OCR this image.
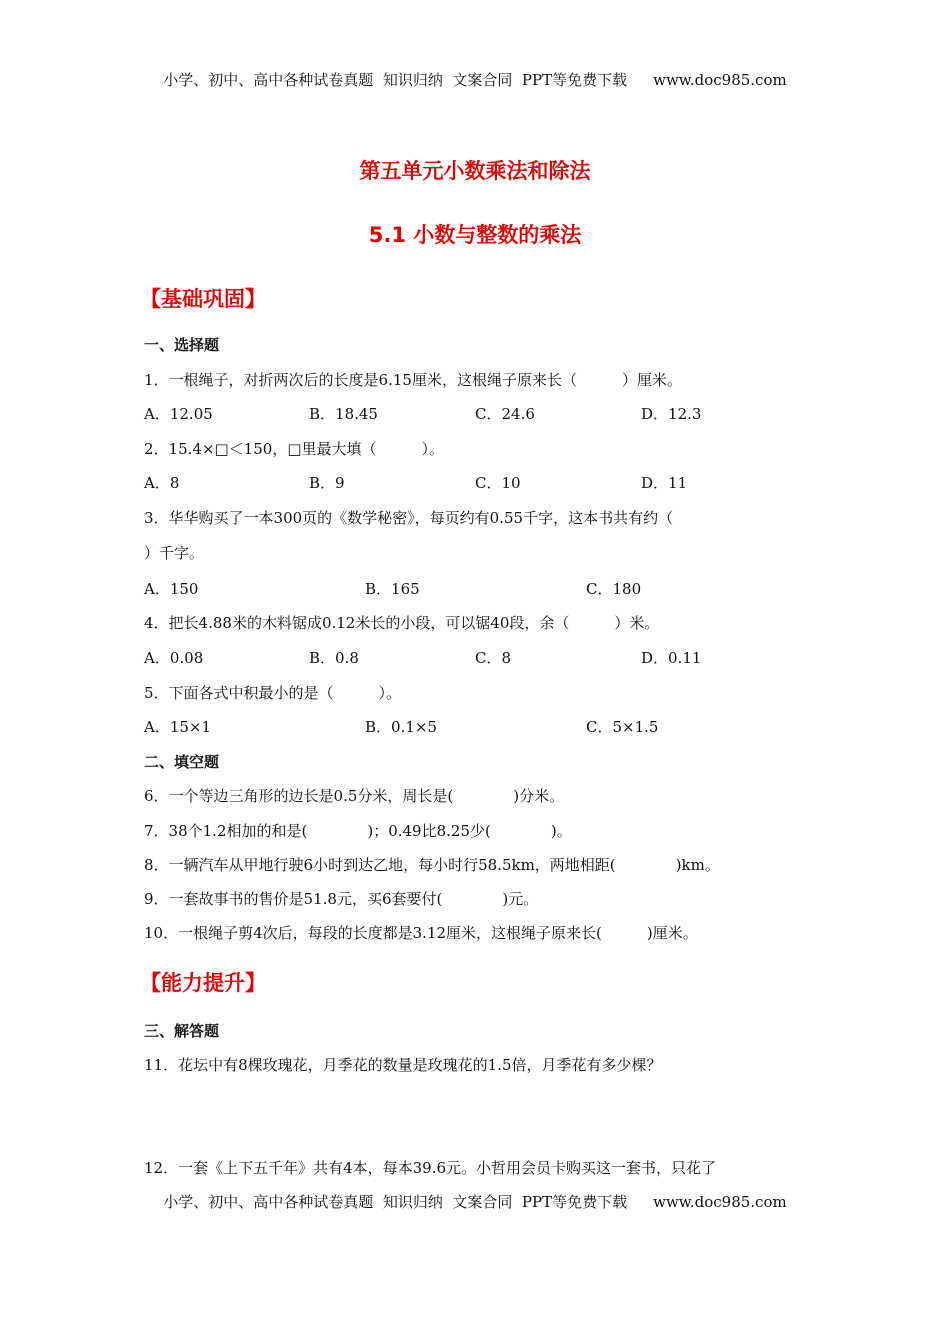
小学、初中、高中各种试卷真题  知识归纳  文案合同  PPT等免费下载 www.doc985.com
第五单元小数乘法和除法
5.1 小数与整数的乘法
【基础巩固】
一、选择题
1．一根绳子，对折两次后的长度是6.15厘米，这根绳子原来长（　　　）厘米。
A．12.05	B．18.45	C．24.6	D．12.3
2．15.4×□＜150，□里最大填（　　　）。
A．8	B．9	C．10	D．11
3．华华购买了一本300页的《数学秘密》，每页约有0.55千字，这本书共有约（
）千字。
A．150	B．165	C．180
4．把长4.88米的木料锯成0.12米长的小段，可以锯40段，余（　　　）米。
A．0.08	B．0.8	C．8	D．0.11
5．下面各式中积最小的是（　　　）。
A．15×1	B．0.1×5	C．5×1.5
二、填空题
6．一个等边三角形的边长是0.5分米，周长是(　　　　)分米。
7．38个1.2相加的和是(　　　　)；0.49比8.25少(　　　　)。
8．一辆汽车从甲地行驶6小时到达乙地，每小时行58.5km，两地相距(　　　　)km。
9．一套故事书的售价是51.8元，买6套要付(　　　　)元。
10．一根绳子剪4次后，每段的长度都是3.12厘米，这根绳子原来长(　　　)厘米。
【能力提升】
三、解答题
11．花坛中有8棵玫瑰花，月季花的数量是玫瑰花的1.5倍，月季花有多少棵？
12．一套《上下五千年》共有4本，每本39.6元。小哲用会员卡购买这一套书，只花了
小学、初中、高中各种试卷真题  知识归纳  文案合同  PPT等免费下载 www.doc985.com
